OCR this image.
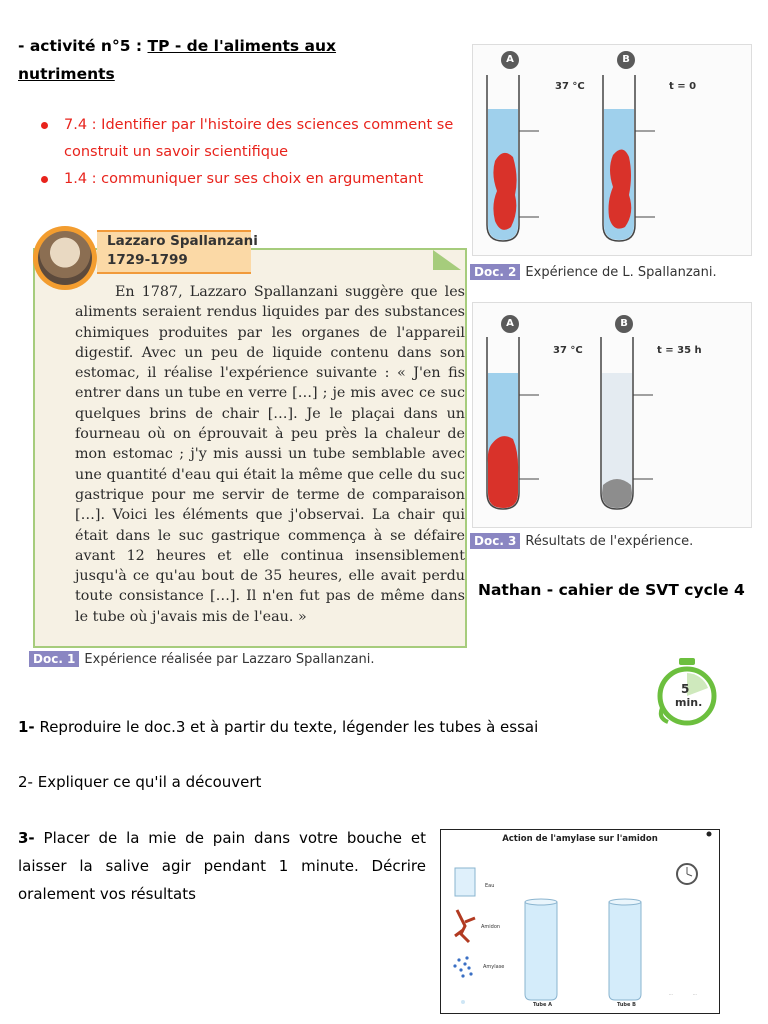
- activité n°5 : TP - de l'aliments aux nutriments
7.4 : Identifier par l'histoire des sciences comment se construit un savoir scientifique
1.4 : communiquer sur ses choix en argumentant
Lazzaro Spallanzani
1729-1799

En 1787, Lazzaro Spallanzani suggère que les aliments seraient rendus liquides par des substances chimiques produites par les organes de l'appareil digestif. Avec un peu de liquide contenu dans son estomac, il réalise l'expérience suivante : « J'en fis entrer dans un tube en verre […] ; je mis avec ce suc quelques brins de chair […]. Je le plaçai dans un fourneau où on éprouvait à peu près la chaleur de mon estomac ; j'y mis aussi un tube semblable avec une quantité d'eau qui était la même que celle du suc gastrique pour me servir de terme de comparaison […]. Voici les éléments que j'observai. La chair qui était dans le suc gastrique commença à se défaire avant 12 heures et elle continua insensiblement jusqu'à ce qu'au bout de 35 heures, elle avait perdu toute consistance […]. Il n'en fut pas de même dans le tube où j'avais mis de l'eau. »

Doc. 1 Expérience réalisée par Lazzaro Spallanzani.
A	B
37 °C	t = 0
Doc. 2 Expérience de L. Spallanzani.
A	B
37 °C	t = 35 h
Doc. 3 Résultats de l'expérience.
Nathan - cahier de SVT cycle 4
5
min.
1- Reproduire le doc.3 et à partir du texte, légender les tubes à essai
2- Expliquer ce qu'il a découvert
3- Placer de la mie de pain dans votre bouche et laisser la salive agir pendant 1 minute. Décrire oralement vos résultats
Action de l'amylase sur l'amidon
···	···
Eau
Amidon
Amylase
Tube A	Tube B
